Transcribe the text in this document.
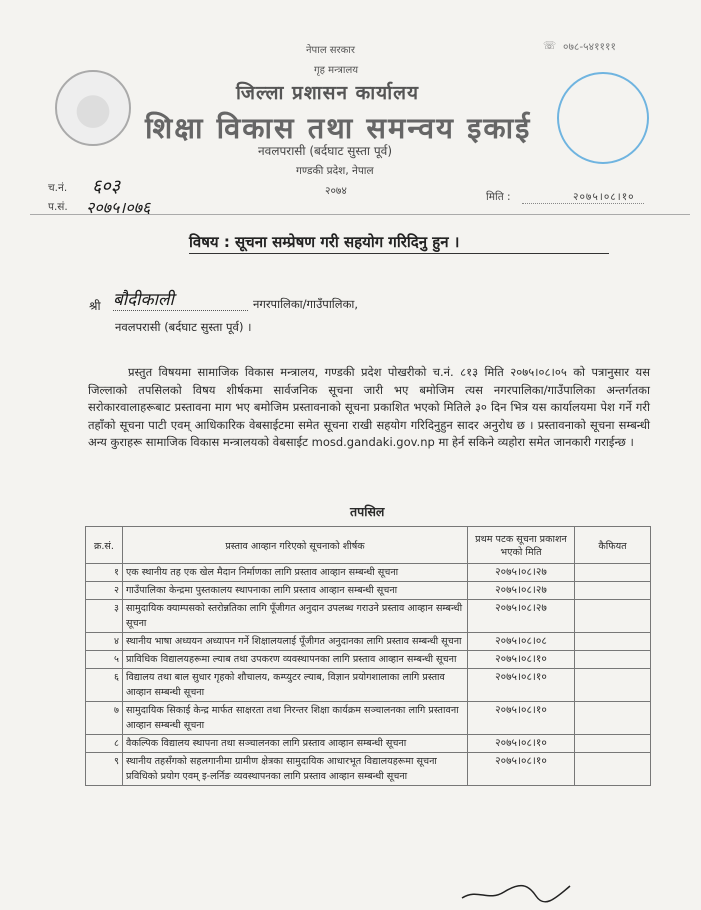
नेपाल सरकार
गृह मन्त्रालय
जिल्ला प्रशासन कार्यालय
शिक्षा विकास तथा समन्वय इकाई
नवलपरासी (बर्दघाट सुस्ता पूर्व)
गण्डकी प्रदेश, नेपाल
२०७४
☏ ०७८-५४११११
च.नं. ६०३
प.सं. २०७५।०७६
मिति :	२०७५।०८।१०
विषय : सूचना सम्प्रेषण गरी सहयोग गरिदिनु हुन ।
श्री बौदीकाली	नगरपालिका/गाउँपालिका,
नवलपरासी (बर्दघाट सुस्ता पूर्व) ।
प्रस्तुत विषयमा सामाजिक विकास मन्त्रालय, गण्डकी प्रदेश पोखरीको च.नं. ८१३ मिति २०७५।०८।०५ को पत्रानुसार यस जिल्लाको तपसिलको विषय शीर्षकमा सार्वजनिक सूचना जारी भए बमोजिम त्यस नगरपालिका/गाउँपालिका अन्तर्गतका सरोकारवालाहरूबाट प्रस्तावना माग भए बमोजिम प्रस्तावनाको सूचना प्रकाशित भएको मितिले ३० दिन भित्र यस कार्यालयमा पेश गर्ने गरी तहाँको सूचना पाटी एवम् आधिकारिक वेबसाईटमा समेत सूचना राखी सहयोग गरिदिनुहुन सादर अनुरोध छ । प्रस्तावनाको सूचना सम्बन्धी अन्य कुराहरू सामाजिक विकास मन्त्रालयको वेबसाईट mosd.gandaki.gov.np मा हेर्न सकिने व्यहोरा समेत जानकारी गराईन्छ ।
तपसिल
क्र.सं.	प्रस्ताव आव्हान गरिएको सूचनाको शीर्षक	प्रथम पटक सूचना प्रकाशन भएको मिति	कैफियत
१	एक स्थानीय तह एक खेल मैदान निर्माणका लागि प्रस्ताव आव्हान सम्बन्धी सूचना	२०७५।०८।२७	
२	गाउँपालिका केन्द्रमा पुस्तकालय स्थापनाका लागि प्रस्ताव आव्हान सम्बन्धी सूचना	२०७५।०८।२७	
३	सामुदायिक क्याम्पसको स्तरोन्नतिका लागि पूँजीगत अनुदान उपलब्ध गराउने प्रस्ताव आव्हान सम्बन्धी सूचना	२०७५।०८।२७	
४	स्थानीय भाषा अध्ययन अध्यापन गर्ने शिक्षालयलाई पूँजीगत अनुदानका लागि प्रस्ताव सम्बन्धी सूचना	२०७५।०८।०८	
५	प्राविधिक विद्यालयहरूमा ल्याब तथा उपकरण व्यवस्थापनका लागि प्रस्ताव आव्हान सम्बन्धी सूचना	२०७५।०८।१०	
६	विद्यालय तथा बाल सुधार गृहको शौचालय, कम्प्युटर ल्याब, विज्ञान प्रयोगशालाका लागि प्रस्ताव आव्हान सम्बन्धी सूचना	२०७५।०८।१०	
७	सामुदायिक सिकाई केन्द्र मार्फत साक्षरता तथा निरन्तर शिक्षा कार्यक्रम सञ्चालनका लागि प्रस्तावना आव्हान सम्बन्धी सूचना	२०७५।०८।१०	
८	वैकल्पिक विद्यालय स्थापना तथा सञ्चालनका लागि प्रस्ताव आव्हान सम्बन्धी सूचना	२०७५।०८।१०	
९	स्थानीय तहसँगको सहलगानीमा ग्रामीण क्षेत्रका सामुदायिक आधारभूत विद्यालयहरूमा सूचना प्रविधिको प्रयोग एवम् इ-लर्निङ व्यवस्थापनका लागि प्रस्ताव आव्हान सम्बन्धी सूचना	२०७५।०८।१०	
